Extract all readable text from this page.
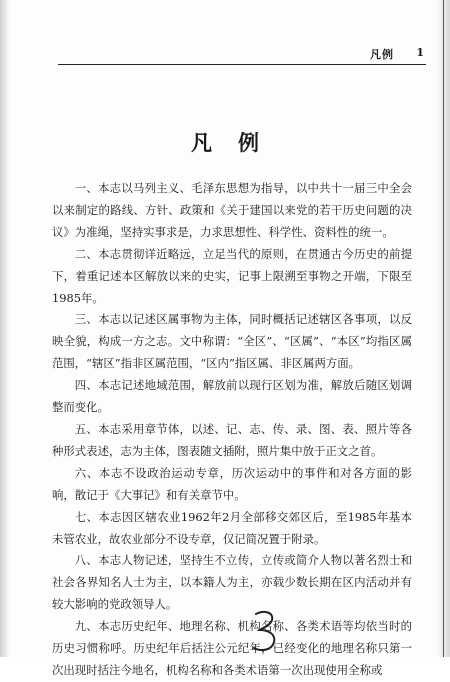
凡例 1
凡例

一、本志以马列主义、毛泽东思想为指导，以中共十一届三中全会以来制定的路线、方针、政策和《关于建国以来党的若干历史问题的决议》为准绳，坚持实事求是，力求思想性、科学性、资料性的统一。

二、本志贯彻详近略远，立足当代的原则，在贯通古今历史的前提下，着重记述本区解放以来的史实，记事上限溯至事物之开端，下限至1985年。

三、本志以记述区属事物为主体，同时概括记述辖区各事项，以反映全貌，构成一方之志。文中称谓：“全区”、“区属”、“本区”均指区属范围，“辖区”指非区属范围，“区内”指区属、非区属两方面。

四、本志记述地域范围，解放前以现行区划为准，解放后随区划调整而变化。

五、本志采用章节体，以述、记、志、传、录、图、表、照片等各种形式表述，志为主体，图表随文插附，照片集中放于正文之首。

六、本志不设政治运动专章，历次运动中的事件和对各方面的影响，散记于《大事记》和有关章节中。

七、本志因区辖农业1962年2月全部移交郊区后，至1985年基本未管农业，故农业部分不设专章，仅记简况置于附录。

八、本志人物记述，坚持生不立传，立传或简介人物以著名烈士和社会各界知名人士为主，以本籍人为主，亦载少数长期在区内活动并有较大影响的党政领导人。

九、本志历史纪年、地理名称、机构名称、各类术语等均依当时的历史习惯称呼。历史纪年后括注公元纪年，已经变化的地理名称只第一次出现时括注今地名，机构名称和各类术语第一次出现使用全称或
